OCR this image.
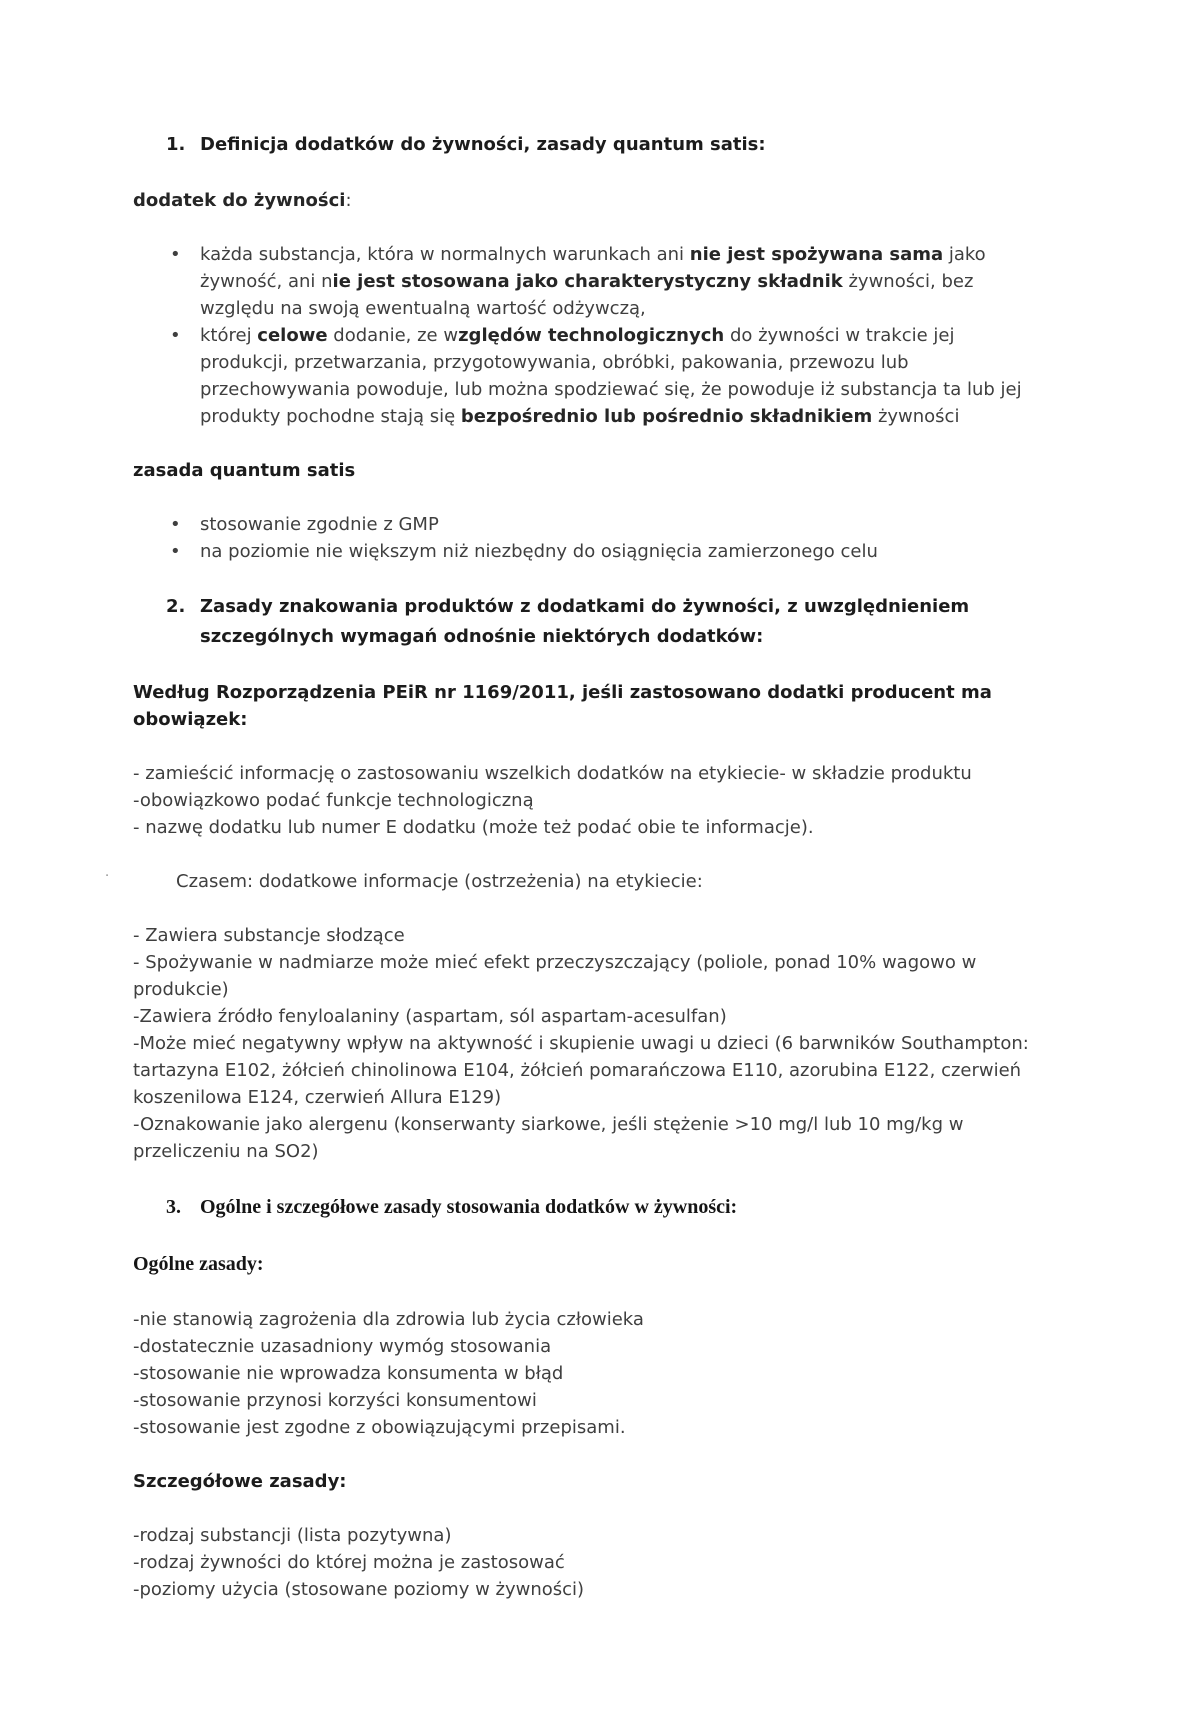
1. Definicja dodatków do żywności, zasady quantum satis:
dodatek do żywności:
• każda substancja, która w normalnych warunkach ani nie jest spożywana sama jako żywność, ani nie jest stosowana jako charakterystyczny składnik żywności, bez względu na swoją ewentualną wartość odżywczą,
• której celowe dodanie, ze względów technologicznych do żywności w trakcie jej produkcji, przetwarzania, przygotowywania, obróbki, pakowania, przewozu lub przechowywania powoduje, lub można spodziewać się, że powoduje iż substancja ta lub jej produkty pochodne stają się bezpośrednio lub pośrednio składnikiem żywności
zasada quantum satis
• stosowanie zgodnie z GMP
• na poziomie nie większym niż niezbędny do osiągnięcia zamierzonego celu
2. Zasady znakowania produktów z dodatkami do żywności, z uwzględnieniem szczególnych wymagań odnośnie niektórych dodatków:
Według Rozporządzenia PEiR nr 1169/2011, jeśli zastosowano dodatki producent ma obowiązek:
- zamieścić informację o zastosowaniu wszelkich dodatków na etykiecie- w składzie produktu
-obowiązkowo podać funkcje technologiczną
- nazwę dodatku lub numer E dodatku (może też podać obie te informacje).
·	Czasem: dodatkowe informacje (ostrzeżenia) na etykiecie:
- Zawiera substancje słodzące
- Spożywanie w nadmiarze może mieć efekt przeczyszczający (poliole, ponad 10% wagowo w produkcie)
-Zawiera źródło fenyloalaniny (aspartam, sól aspartam-acesulfan)
-Może mieć negatywny wpływ na aktywność i skupienie uwagi u dzieci (6 barwników Southampton: tartazyna E102, żółcień chinolinowa E104, żółcień pomarańczowa E110, azorubina E122, czerwień koszenilowa E124, czerwień Allura E129)
-Oznakowanie jako alergenu (konserwanty siarkowe, jeśli stężenie >10 mg/l lub 10 mg/kg w przeliczeniu na SO2)
3. Ogólne i szczegółowe zasady stosowania dodatków w żywności:
Ogólne zasady:
-nie stanowią zagrożenia dla zdrowia lub życia człowieka
-dostatecznie uzasadniony wymóg stosowania
-stosowanie nie wprowadza konsumenta w błąd
-stosowanie przynosi korzyści konsumentowi
-stosowanie jest zgodne z obowiązującymi przepisami.
Szczegółowe zasady:
-rodzaj substancji (lista pozytywna)
-rodzaj żywności do której można je zastosować
-poziomy użycia (stosowane poziomy w żywności)
